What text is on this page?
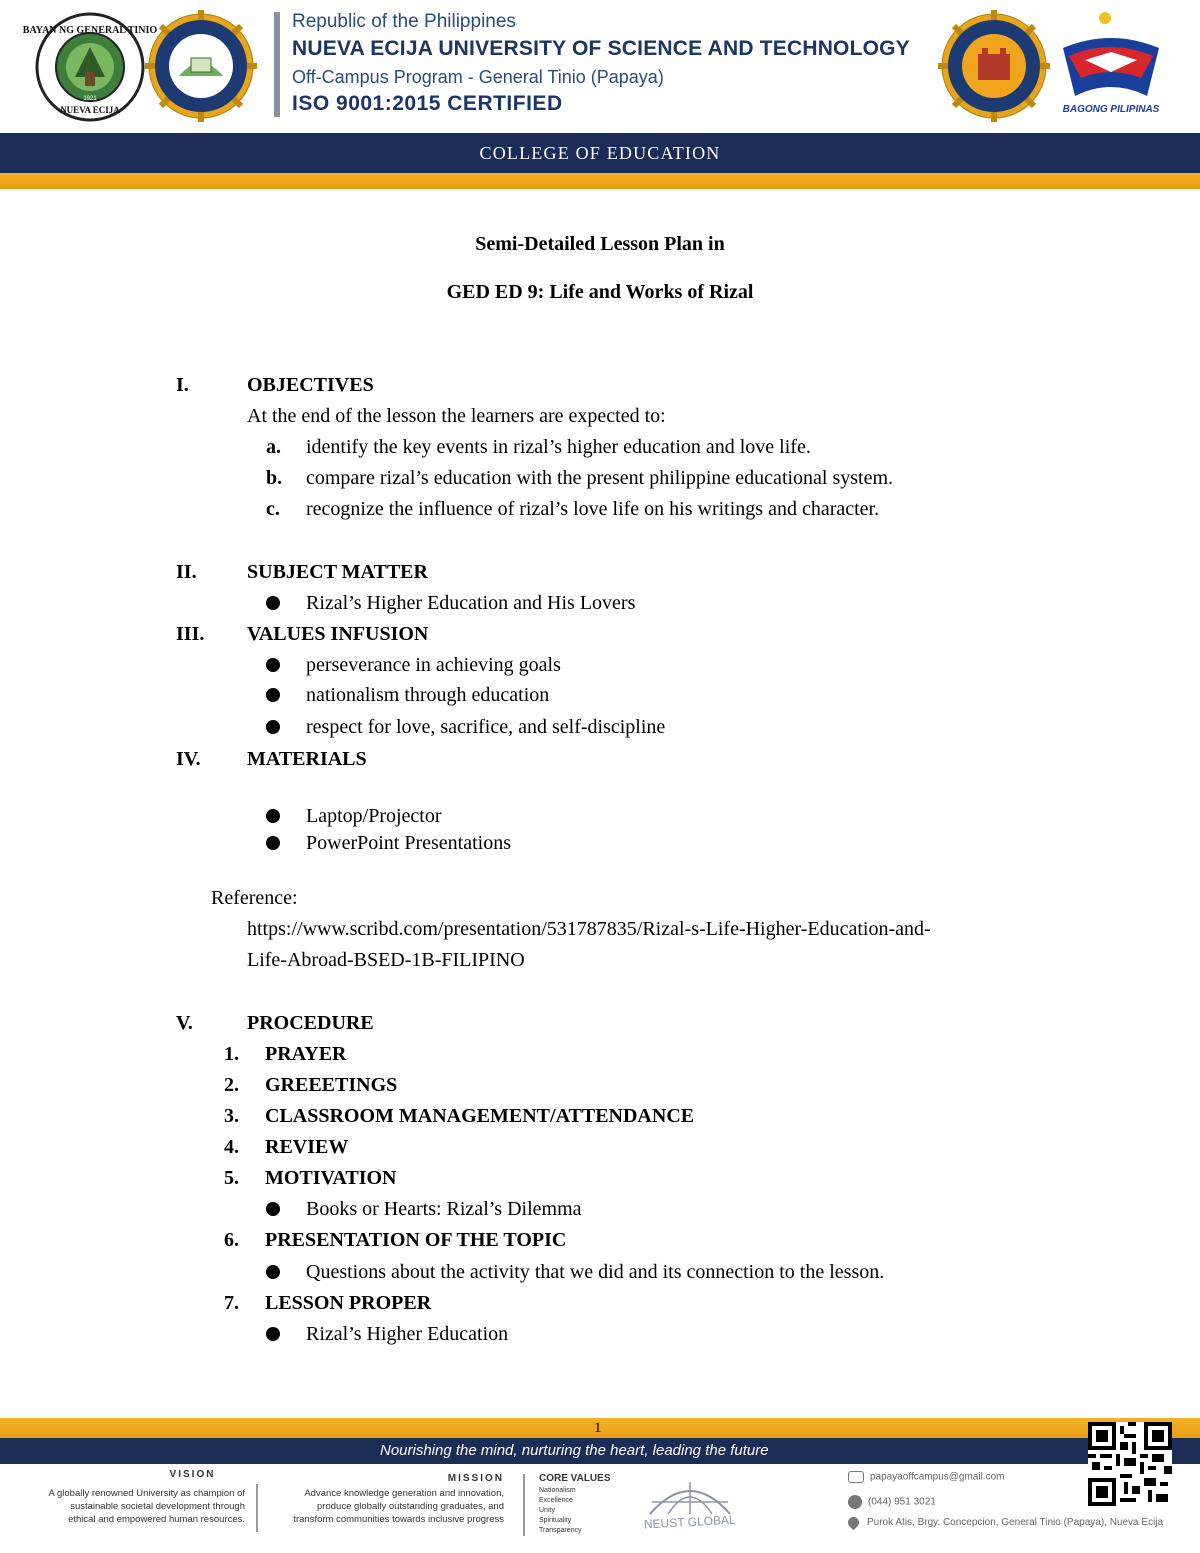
BAYAN NG GENERAL TINIO
NUEVA ECIJA
1921
Republic of the Philippines
NUEVA ECIJA UNIVERSITY OF SCIENCE AND TECHNOLOGY
Off-Campus Program - General Tinio (Papaya)
ISO 9001:2015 CERTIFIED	BAGONG PILIPINAS
COLLEGE OF EDUCATION
Semi-Detailed Lesson Plan in
GED ED 9: Life and Works of Rizal
I.	OBJECTIVES
At the end of the lesson the learners are expected to:
a. identify the key events in rizal’s higher education and love life.
b. compare rizal’s education with the present philippine educational system.
c. recognize the influence of rizal’s love life on his writings and character.
II.	SUBJECT MATTER
Rizal’s Higher Education and His Lovers
III. VALUES INFUSION
perseverance in achieving goals
nationalism through education
respect for love, sacrifice, and self-discipline
IV. MATERIALS
Laptop/Projector
PowerPoint Presentations
Reference:
https://www.scribd.com/presentation/531787835/Rizal-s-Life-Higher-Education-and-
Life-Abroad-BSED-1B-FILIPINO
V.	PROCEDURE
1. PRAYER
2. GREEETINGS
3. CLASSROOM MANAGEMENT/ATTENDANCE
4. REVIEW
5. MOTIVATION
Books or Hearts: Rizal’s Dilemma
6. PRESENTATION OF THE TOPIC
Questions about the activity that we did and its connection to the lesson.
7. LESSON PROPER
Rizal’s Higher Education
1
Nourishing the mind, nurturing the heart, leading the future
VISION
A globally renowned University as champion of
sustainable societal development through
ethical and empowered human resources.
MISSION
Advance knowledge generation and innovation,
produce globally outstanding graduates, and
transform communities towards inclusive progress
CORE VALUES
Nationalism
Excellence
Unity
Spirituality
Transparency	NEUST GLOBAL
papayaoffcampus@gmail.com
(044) 951 3021
Purok Atis, Brgy. Concepcion, General Tinio (Papaya), Nueva Ecija
